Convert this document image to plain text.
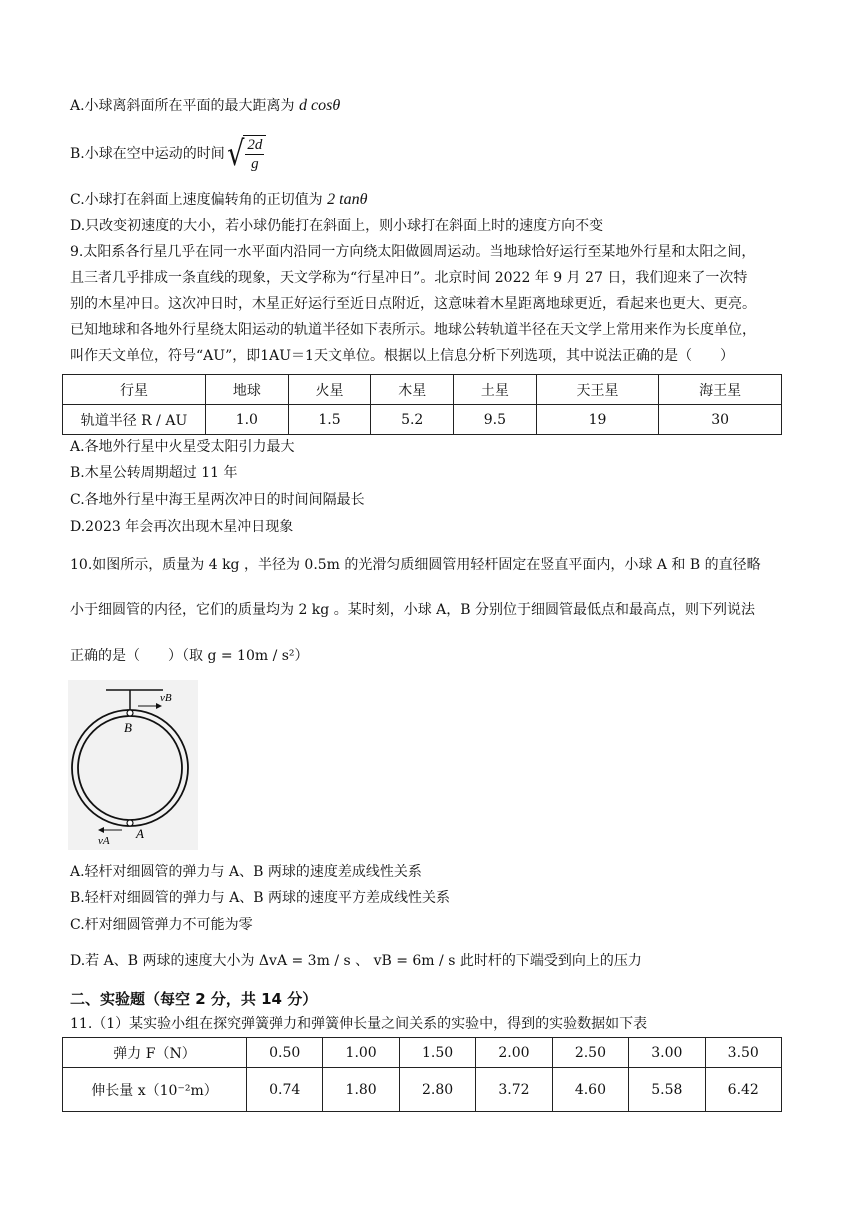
A.小球离斜面所在平面的最大距离为 d cosθ
B.小球在空中运动的时间 √ $\frac{2d}{g}$
C.小球打在斜面上速度偏转角的正切值为 2 tanθ
D.只改变初速度的大小，若小球仍能打在斜面上，则小球打在斜面上时的速度方向不变
9.太阳系各行星几乎在同一水平面内沿同一方向绕太阳做圆周运动。当地球恰好运行至某地外行星和太阳之间，
且三者几乎排成一条直线的现象，天文学称为“行星冲日”。北京时间 2022 年 9 月 27 日，我们迎来了一次特
别的木星冲日。这次冲日时，木星正好运行至近日点附近，这意味着木星距离地球更近，看起来也更大、更亮。
已知地球和各地外行星绕太阳运动的轨道半径如下表所示。地球公转轨道半径在天文学上常用来作为长度单位，
叫作天文单位，符号“AU”，即1AU＝1天文单位。根据以上信息分析下列选项，其中说法正确的是（　　）
行星	地球	火星	木星	土星	天王星	海王星
轨道半径 R / AU	1.0	1.5	5.2	9.5	19	30
A.各地外行星中火星受太阳引力最大
B.木星公转周期超过 11 年
C.各地外行星中海王星两次冲日的时间间隔最长
D.2023 年会再次出现木星冲日现象
10.如图所示，质量为 4 kg ，半径为 0.5m 的光滑匀质细圆管用轻杆固定在竖直平面内，小球 A 和 B 的直径略
小于细圆管的内径，它们的质量均为 2 kg 。某时刻，小球 A，B 分别位于细圆管最低点和最高点，则下列说法
正确的是（　　）（取 g = 10m / s²）
vB
B
vA A
A.轻杆对细圆管的弹力与 A、B 两球的速度差成线性关系
B.轻杆对细圆管的弹力与 A、B 两球的速度平方差成线性关系
C.杆对细圆管弹力不可能为零
D.若 A、B 两球的速度大小为 ΔvA = 3m / s 、 vB = 6m / s 此时杆的下端受到向上的压力
二、实验题（每空 2 分，共 14 分）
11.（1）某实验小组在探究弹簧弹力和弹簧伸长量之间关系的实验中，得到的实验数据如下表
弹力 F（N）	0.50	1.00	1.50	2.00	2.50	3.00	3.50
伸长量 x（10⁻²m）	0.74	1.80	2.80	3.72	4.60	5.58	6.42
